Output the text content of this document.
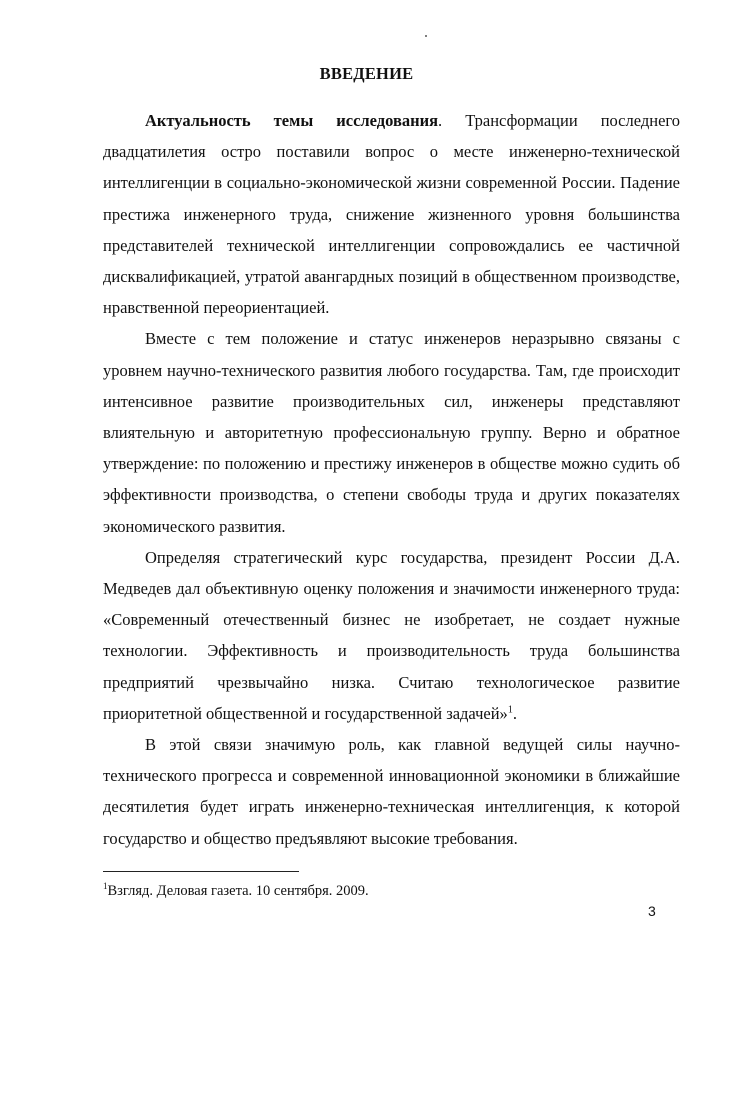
ВВЕДЕНИЕ

Актуальность темы исследования. Трансформации последнего двадцатилетия остро поставили вопрос о месте инженерно-технической интеллигенции в социально-экономической жизни современной России. Падение престижа инженерного труда, снижение жизненного уровня большинства представителей технической интеллигенции сопровождались ее частичной дисквалификацией, утратой авангардных позиций в общественном производстве, нравственной переориентацией.

Вместе с тем положение и статус инженеров неразрывно связаны с уровнем научно-технического развития любого государства. Там, где происходит интенсивное развитие производительных сил, инженеры представляют влиятельную и авторитетную профессиональную группу. Верно и обратное утверждение: по положению и престижу инженеров в обществе можно судить об эффективности производства, о степени свободы труда и других показателях экономического развития.

Определяя стратегический курс государства, президент России Д.А. Медведев дал объективную оценку положения и значимости инженерного труда: «Современный отечественный бизнес не изобретает, не создает нужные технологии. Эффективность и производительность труда большинства предприятий чрезвычайно низка. Считаю технологическое развитие приоритетной общественной и государственной задачей»$^1$.

В этой связи значимую роль, как главной ведущей силы научно-технического прогресса и современной инновационной экономики в ближайшие десятилетия будет играть инженерно-техническая интеллигенция, к которой государство и общество предъявляют высокие требования.

$^1$Взгляд. Деловая газета. 10 сентября. 2009.
3
